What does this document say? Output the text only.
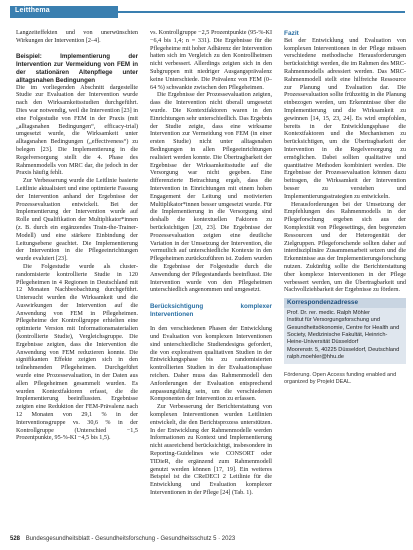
Leitthema

Langzeiteffekten und von unerwünschten Wirkungen der Intervention [2–4].

Beispiel: Implementierung der Intervention zur Vermeidung von FEM in der stationären Altenpflege unter alltagsnahen Bedingungen

Die im vorliegenden Abschnitt dargestellte Studie zur Evaluation der Intervention wurde nach den Wirksamkeitsstudien durchgeführt. Dies war notwendig, weil die Intervention [23] in eine Folgestudie von FEM in der Praxis (mit „alltagsnahen Bedingungen“, efficacy-trial) umgesetzt wurde, die Wirksamkeit unter alltagsnahen Bedingungen („effectiveness“) zu belegen [23]. Die Implementierung in die Regelversorgung stellt die 4. Phase des Rahmenmodells von MRC dar, die jedoch in der Praxis häufig fehlt.

Zur Verbesserung wurde die Leitlinie basierte Leitlinie aktualisiert und eine optimierte Fassung der Intervention anhand der Ergebnisse der Prozessevaluation entwickelt. Bei der Implementierung der Intervention wurde auf Rolle und Qualifikation der Multiplikator*innen (z. B. durch ein ergänzendes Train-the-Trainer-Modell) und eine stärkere Einbindung der Leitungsebene geachtet. Die Implementierung der Intervention in die Pflegeeinrichtungen wurde evaluiert [23].

Die Folgestudie wurde als cluster-randomisierte kontrollierte Studie in 120 Pflegeheimen in 4 Regionen in Deutschland mit 12 Monaten Nachbeobachtung durchgeführt. Untersucht wurden die Wirksamkeit und die Auswirkungen der Intervention auf die Anwendung von FEM in Pflegeheimen. Pflegeheime der Kontrollgruppe erhielten eine optimierte Version mit Informationsmaterialien (kontrollierte Studie), Vergleichsgruppe. Die Ergebnisse zeigten, dass die Intervention die Anwendung von FEM reduzieren konnte. Die signifikanten Effekte zeigten sich in den teilnehmenden Pflegeheimen. Durchgeführt wurde eine Prozessevaluation, in der Daten aus allen Pflegeheimen gesammelt wurden. Es wurden Kontextfaktoren erfasst, die die Implementierung beeinflussten. Ergebnisse zeigten eine Reduktion der FEM-Prävalenz nach 12 Monaten von 29,1 % in der Interventionsgruppe vs. 30,6 % in der Kontrollgruppe (Unterschied −1,5 Prozentpunkte, 95-%-KI −4,5 bis 1,5).

vs. Kontrollgruppe −2,5 Prozentpunkte (95-%-KI −6,4 bis 1,4; n = 331). Die Ergebnisse für die Pflegeheime mit hoher Adhärenz der Intervention hatten sich im Vergleich zu den Kontrollheimen nicht verbessert. Allerdings zeigten sich in den Subgruppen mit niedriger Ausgangsprävalenz keine Unterschiede. Die Prävalenz von FEM (0–64 %) schwankte zwischen den Pflegeheimen.

Die Ergebnisse der Prozessevaluation zeigten, dass die Intervention nicht überall umgesetzt wurde. Die Kontextfaktoren waren in den Einrichtungen sehr unterschiedlich. Das Ergebnis der Studie zeigte, dass eine wirksame Intervention zur Vermeidung von FEM (in einer ersten Studie) nicht unter alltagsnahen Bedingungen in allen Pflegeeinrichtungen realisiert werden konnte. Die Übertragbarkeit der Ergebnisse der Wirksamkeitsstudie auf die Versorgung war nicht gegeben. Eine differenzierte Betrachtung ergab, dass die Intervention in Einrichtungen mit einem hohen Engagement der Leitung und motivierten Multiplikator*innen besser umgesetzt wurde. Für die Implementierung in die Versorgung sind deshalb die kontextuellen Faktoren zu berücksichtigen [20, 23]. Die Ergebnisse der Prozessevaluation zeigten eine deutliche Variation in der Umsetzung der Intervention, die vermutlich auf unterschiedliche Kontexte in den Pflegeheimen zurückzuführen ist. Zudem wurden die Ergebnisse der Folgestudie durch die Anwendung der Pflegestandards beeinflusst. Die Intervention wurde von den Pflegeheimen unterschiedlich angenommen und umgesetzt.

Berücksichtigung komplexer Interventionen

In den verschiedenen Phasen der Entwicklung und Evaluation von komplexen Interventionen sind unterschiedliche Studiendesigns gefordert, die von explorativen qualitativen Studien in der Entwicklungsphase bis zu randomisierten kontrollierten Studien in der Evaluationsphase reichen. Daher muss das Rahmenmodell den Anforderungen der Evaluation entsprechend anpassungsfähig sein, um die verschiedenen Komponenten der Intervention zu erfassen.

Zur Verbesserung der Berichterstattung von komplexen Interventionen wurden Leitlinien entwickelt, die den Berichtsprozess unterstützen. In der Entwicklung der Rahmenmodelle werden Informationen zu Kontext und Implementierung nicht ausreichend berücksichtigt, insbesondere in Reporting-Guidelines wie CONSORT oder TIDieR, die ergänzend zum Rahmenmodell genutzt werden können [17, 19]. Ein weiteres Beispiel ist die CReDECI 2 Leitlinie für die Entwicklung und Evaluation komplexer Interventionen in der Pflege [24] (Tab. 1).

Fazit

Bei der Entwicklung und Evaluation von komplexen Interventionen in der Pflege müssen verschiedene methodische Herausforderungen berücksichtigt werden, die im Rahmen des MRC-Rahmenmodells adressiert werden. Das MRC-Rahmenmodell stellt eine hilfreiche Ressource zur Planung und Evaluation dar. Die Prozessevaluation sollte frühzeitig in die Planung einbezogen werden, um Erkenntnisse über die Implementierung und die Wirksamkeit zu gewinnen [14, 15, 23, 24]. Es wird empfohlen, bereits in der Entwicklungsphase die Kontextfaktoren und die Mechanismen zu berücksichtigen, um die Übertragbarkeit der Intervention in die Regelversorgung zu ermöglichen. Dabei sollten qualitative und quantitative Methoden kombiniert werden. Die Ergebnisse der Prozessevaluation können dazu beitragen, die Wirksamkeit der Intervention besser zu verstehen und Implementierungsstrategien zu entwickeln.

Herausforderungen bei der Umsetzung der Empfehlungen des Rahmenmodells in der Pflegeforschung ergeben sich aus der Komplexität von Pflegesettings, den begrenzten Ressourcen und der Heterogenität der Zielgruppen. Pflegeforschende sollten daher auf interdisziplinäre Zusammenarbeit setzen und die Erkenntnisse aus der Implementierungsforschung nutzen. Zukünftig sollte die Berichterstattung über komplexe Interventionen in der Pflege verbessert werden, um die Übertragbarkeit und Nachvollziehbarkeit der Ergebnisse zu fördern.

Korrespondenzadresse
Prof. Dr. rer. medic. Ralph Möhler
Institut für Versorgungsforschung und Gesundheitsökonomie, Centre for Health and Society, Medizinische Fakultät, Heinrich-Heine-Universität Düsseldorf
Moorenstr. 5, 40225 Düsseldorf, Deutschland
ralph.moehler@hhu.de

Förderung. Open Access funding enabled and organized by Projekt DEAL.

528 Bundesgesundheitsblatt - Gesundheitsforschung - Gesundheitsschutz 5 · 2023
